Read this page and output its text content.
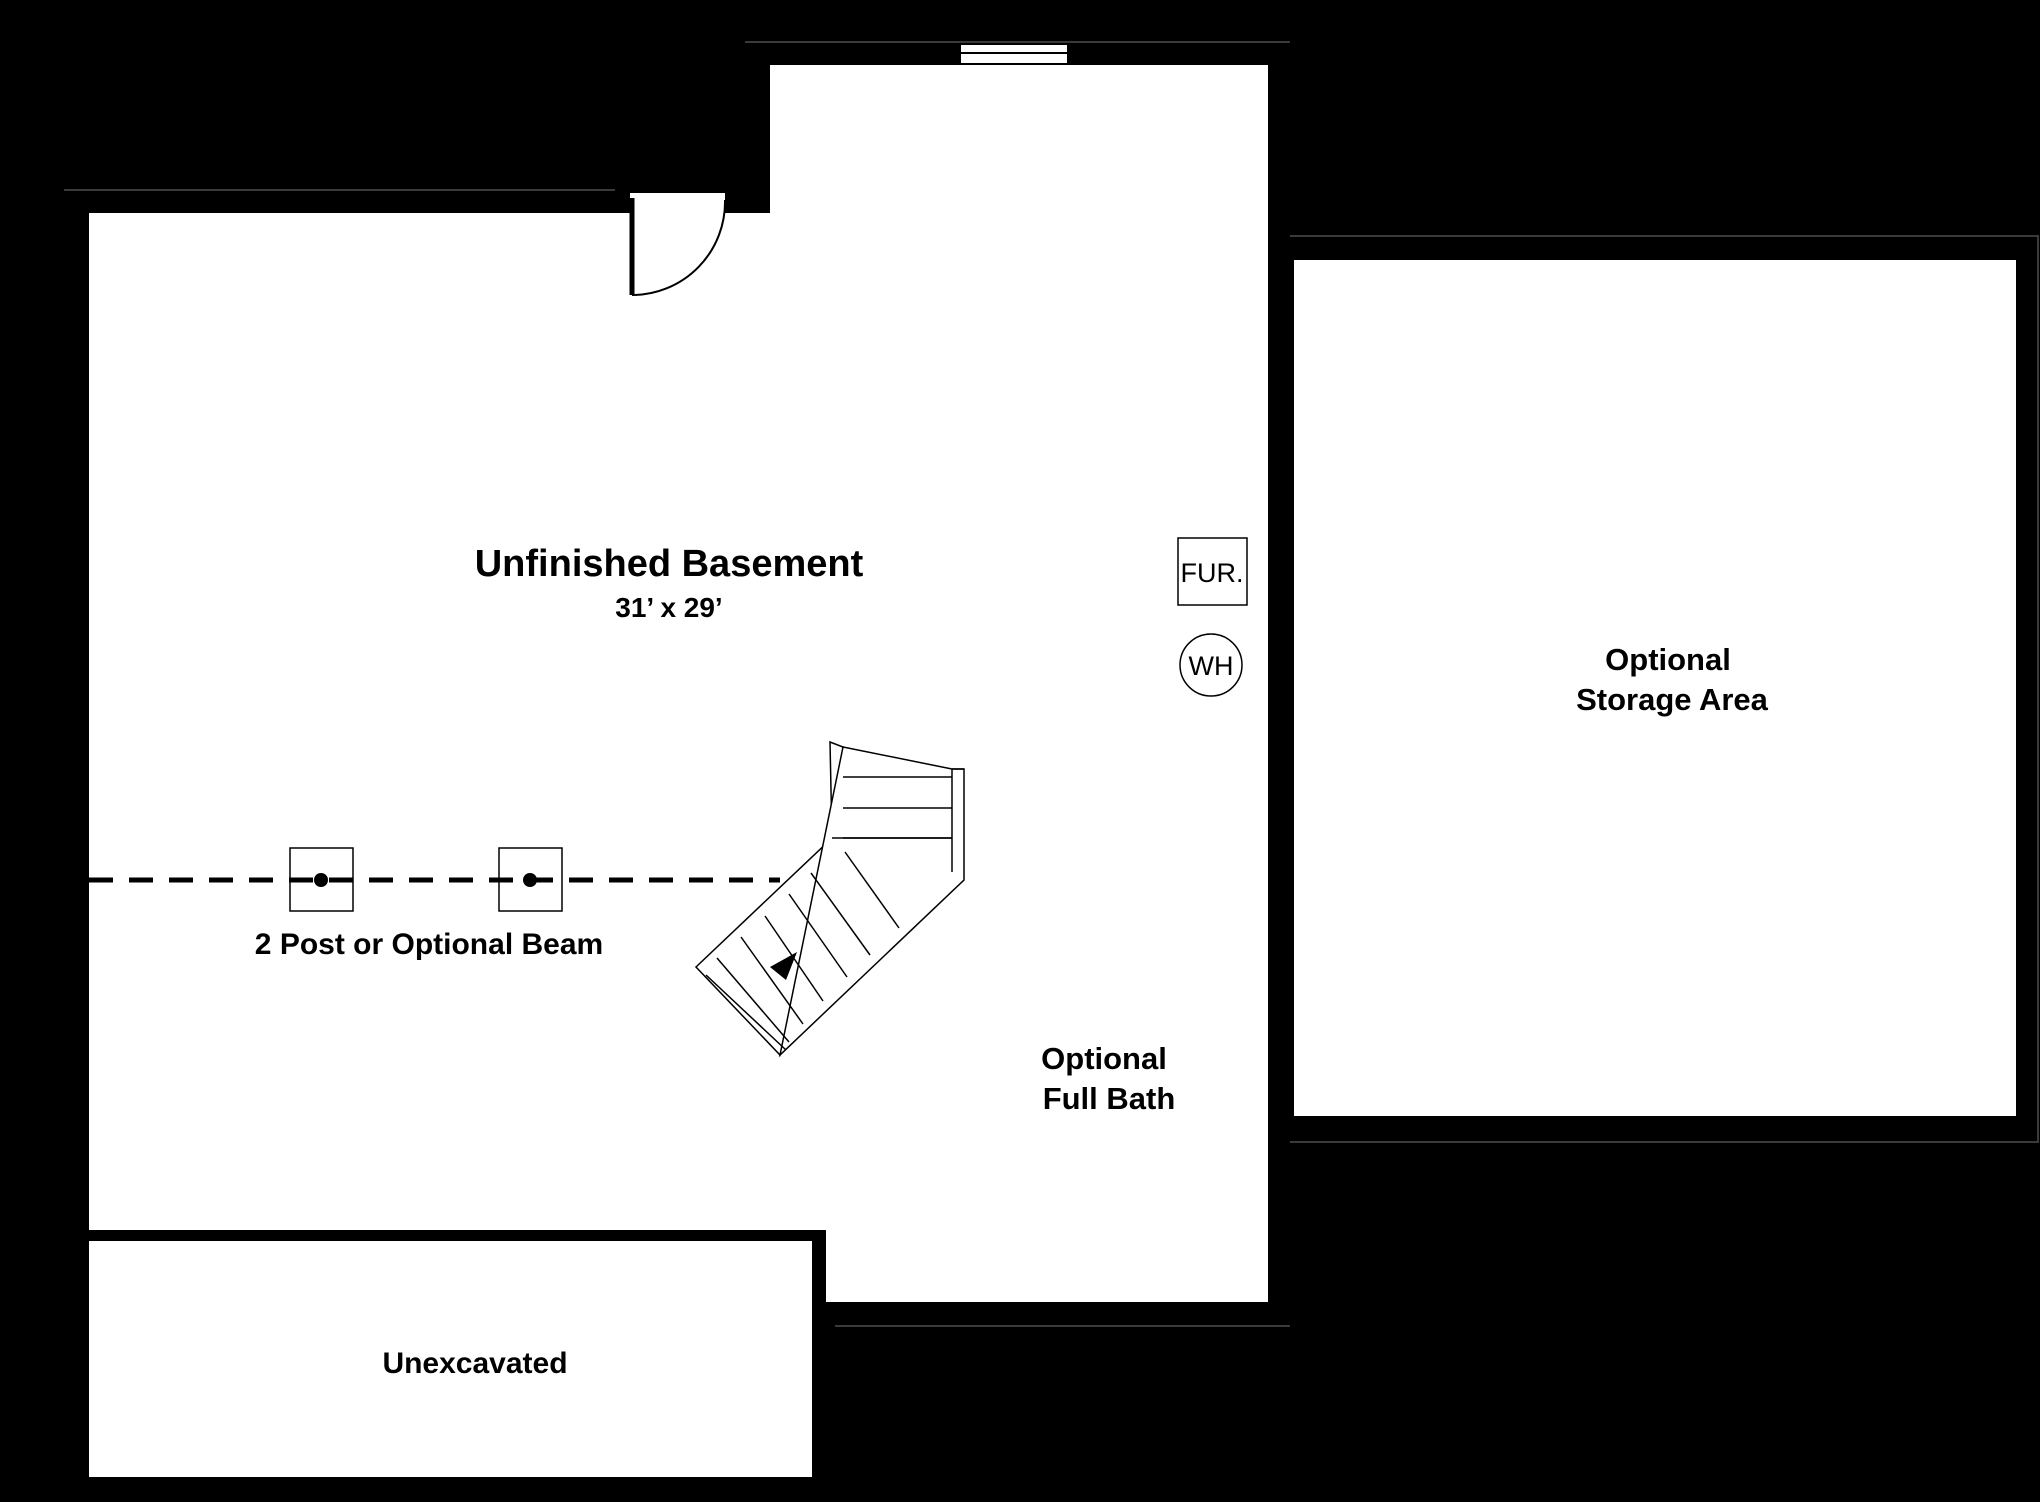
FUR.
WH
Unfinished Basement
31’ x 29’
Optional
Storage Area
Optional
Full Bath
2 Post or Optional Beam
Unexcavated
